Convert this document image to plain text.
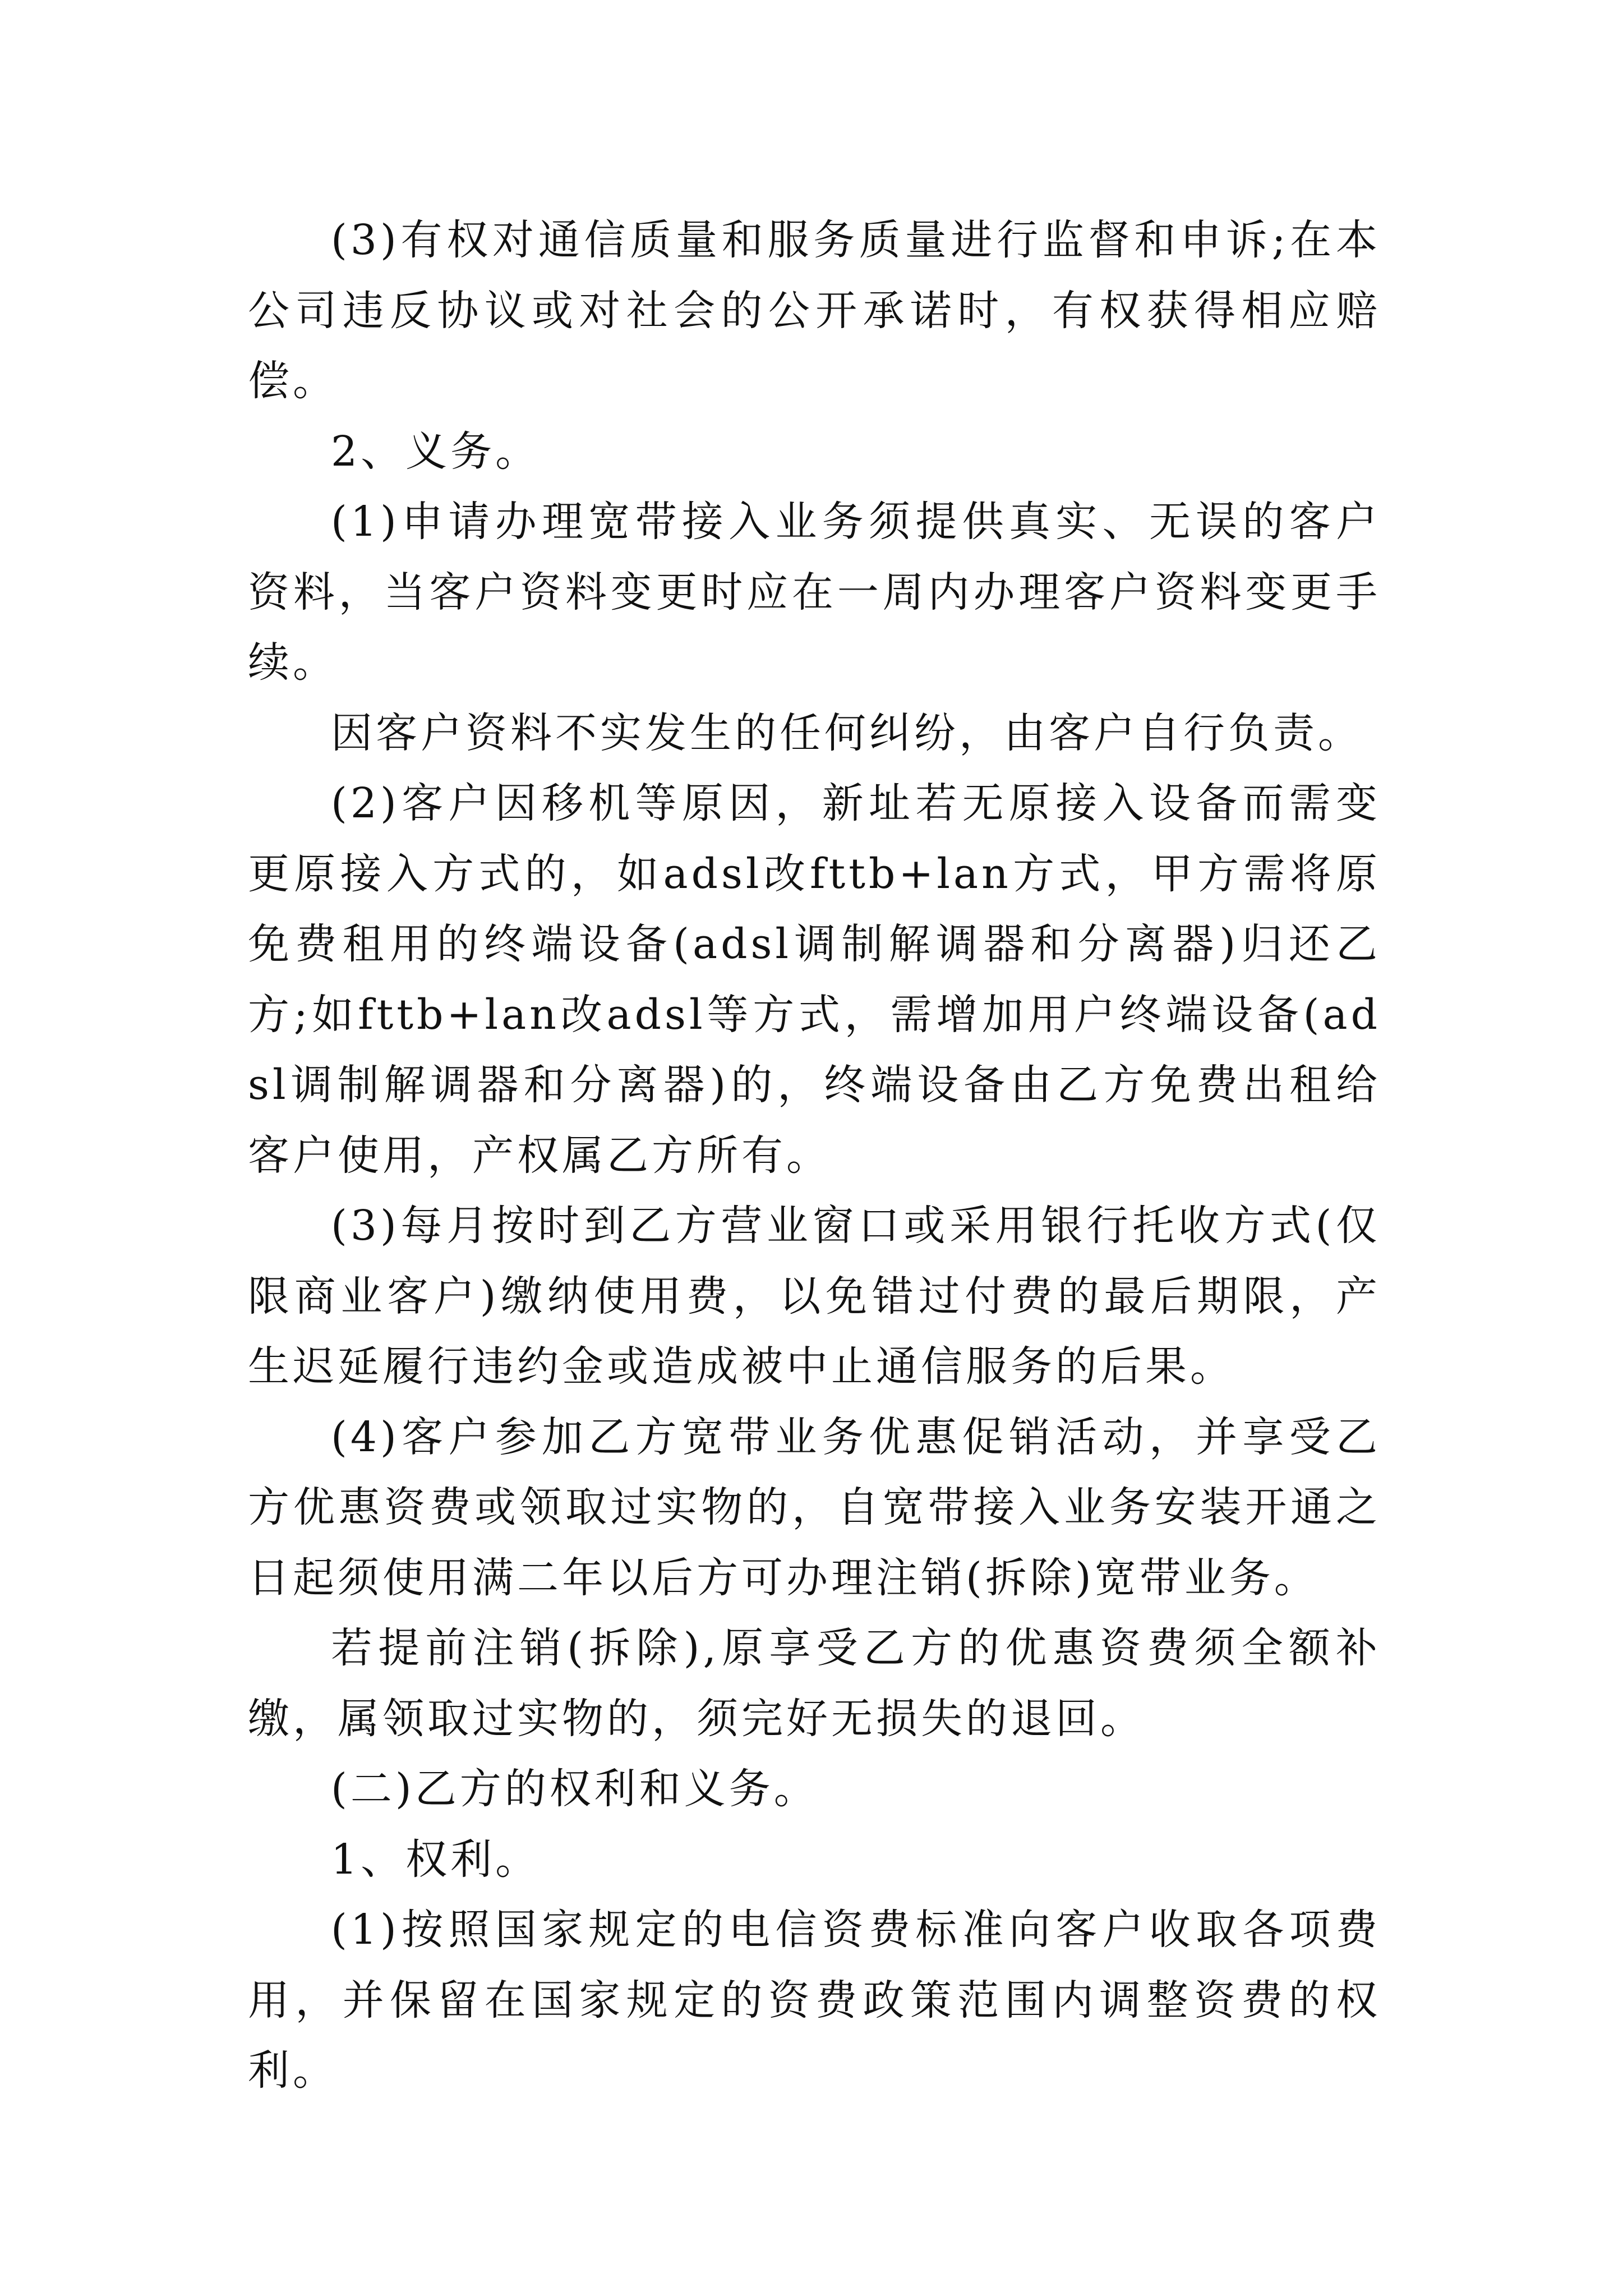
(3)有权对通信质量和服务质量进行监督和申诉;在本公司违反协议或对社会的公开承诺时，有权获得相应赔偿。

2、义务。

(1)申请办理宽带接入业务须提供真实、无误的客户资料，当客户资料变更时应在一周内办理客户资料变更手续。

因客户资料不实发生的任何纠纷，由客户自行负责。

(2)客户因移机等原因，新址若无原接入设备而需变更原接入方式的，如adsl改fttb+lan方式，甲方需将原免费租用的终端设备(adsl调制解调器和分离器)归还乙方;如fttb+lan改adsl等方式，需增加用户终端设备(adsl调制解调器和分离器)的，终端设备由乙方免费出租给客户使用，产权属乙方所有。

(3)每月按时到乙方营业窗口或采用银行托收方式(仅限商业客户)缴纳使用费，以免错过付费的最后期限，产生迟延履行违约金或造成被中止通信服务的后果。

(4)客户参加乙方宽带业务优惠促销活动，并享受乙方优惠资费或领取过实物的，自宽带接入业务安装开通之日起须使用满二年以后方可办理注销(拆除)宽带业务。

若提前注销(拆除),原享受乙方的优惠资费须全额补缴，属领取过实物的，须完好无损失的退回。

(二)乙方的权利和义务。

1、权利。

(1)按照国家规定的电信资费标准向客户收取各项费用，并保留在国家规定的资费政策范围内调整资费的权利。
